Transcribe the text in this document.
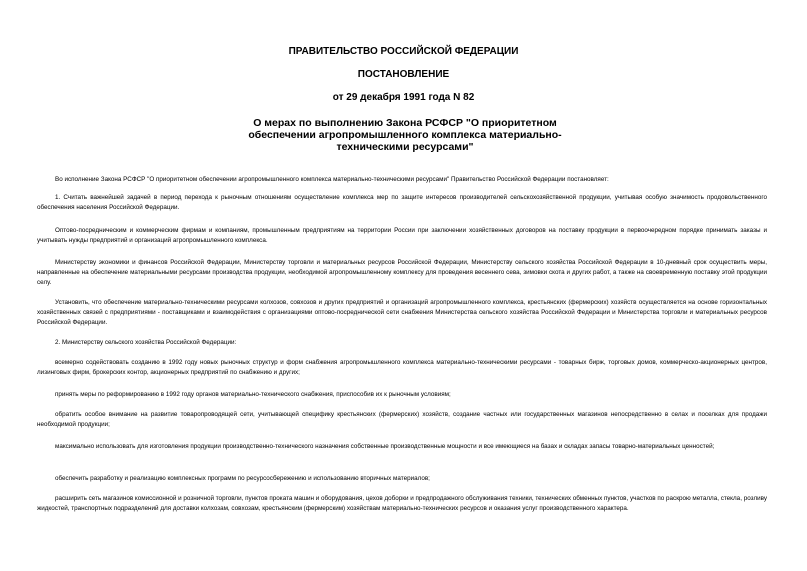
ПРАВИТЕЛЬСТВО РОССИЙСКОЙ ФЕДЕРАЦИИ
ПОСТАНОВЛЕНИЕ
от 29 декабря 1991 года N 82
О мерах по выполнению Закона РСФСР "О приоритетном обеспечении агропромышленного комплекса материально-техническими ресурсами"

Во исполнение Закона РСФСР "О приоритетном обеспечении агропромышленного комплекса материально-техническими ресурсами" Правительство Российской Федерации постановляет:

1. Считать важнейшей задачей в период перехода к рыночным отношениям осуществление комплекса мер по защите интересов производителей сельскохозяйственной продукции, учитывая особую значимость продовольственного обеспечения населения Российской Федерации.

Оптово-посредническим и коммерческим фирмам и компаниям, промышленным предприятиям на территории России при заключении хозяйственных договоров на поставку продукции в первоочередном порядке принимать заказы и учитывать нужды предприятий и организаций агропромышленного комплекса.

Министерству экономики и финансов Российской Федерации, Министерству торговли и материальных ресурсов Российской Федерации, Министерству сельского хозяйства Российской Федерации в 10-дневный срок осуществить меры, направленные на обеспечение материальными ресурсами производства продукции, необходимой агропромышленному комплексу для проведения весеннего сева, зимовки скота и других работ, а также на своевременную поставку этой продукции селу.

Установить, что обеспечение материально-техническими ресурсами колхозов, совхозов и других предприятий и организаций агропромышленного комплекса, крестьянских (фермерских) хозяйств осуществляется на основе горизонтальных хозяйственных связей с предприятиями - поставщиками и взаимодействия с организациями оптово-посреднической сети снабжения Министерства сельского хозяйства Российской Федерации и Министерства торговли и материальных ресурсов Российской Федерации.

2. Министерству сельского хозяйства Российской Федерации:

всемерно содействовать созданию в 1992 году новых рыночных структур и форм снабжения агропромышленного комплекса материально-техническими ресурсами - товарных бирж, торговых домов, коммерческо-акционерных центров, лизинговых фирм, брокерских контор, акционерных предприятий по снабжению и других;

принять меры по реформированию в 1992 году органов материально-технического снабжения, приспособив их к рыночным условиям;

обратить особое внимание на развитие товаропроводящей сети, учитывающей специфику крестьянских (фермерских) хозяйств, создание частных или государственных магазинов непосредственно в селах и поселках для продажи необходимой продукции;

максимально использовать для изготовления продукции производственно-технического назначения собственные производственные мощности и все имеющиеся на базах и складах запасы товарно-материальных ценностей;

обеспечить разработку и реализацию комплексных программ по ресурсосбережению и использованию вторичных материалов;

расширить сеть магазинов комиссионной и розничной торговли, пунктов проката машин и оборудования, цехов доборки и предпродажного обслуживания техники, технических обменных пунктов, участков по раскрою металла, стекла, розливу жидкостей, транспортных подразделений для доставки колхозам, совхозам, крестьянским (фермерским) хозяйствам материально-технических ресурсов и оказания услуг производственного характера.
